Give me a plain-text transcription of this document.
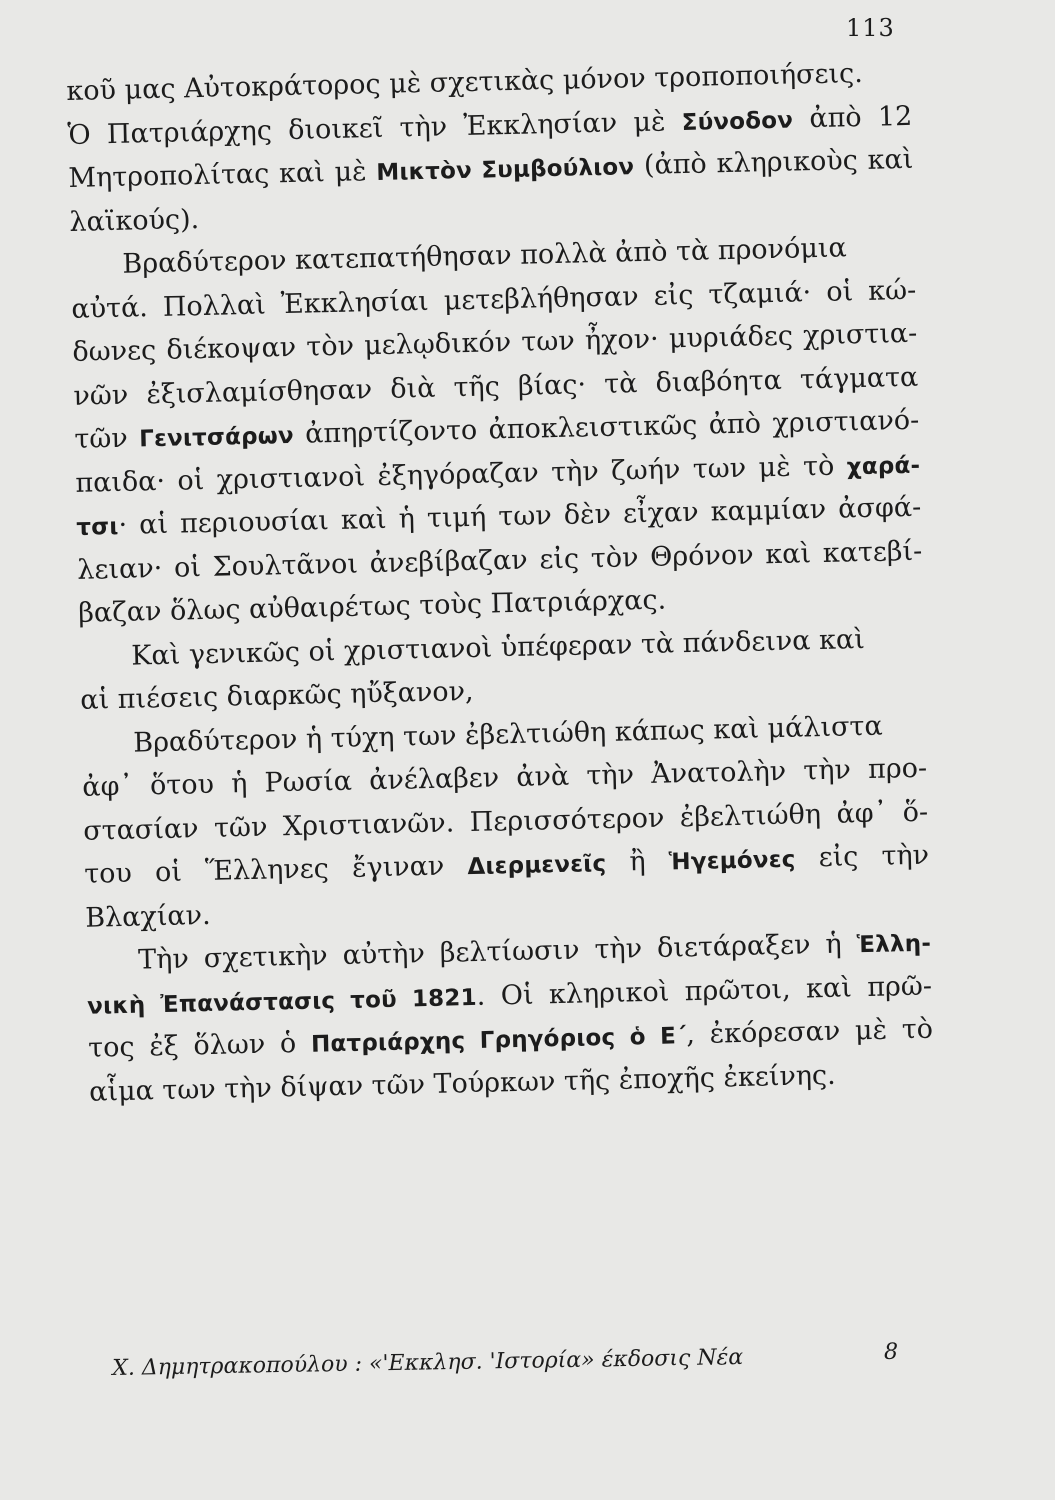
113
κοῦ μας Αὐτοκράτορος μὲ σχετικὰς μόνον τροποποιήσεις.
Ὁ Πατριάρχης διοικεῖ τὴν Ἐκκλησίαν μὲ Σύνοδον ἀπὸ 12
Μητροπολίτας καὶ μὲ Μικτὸν Συμβούλιον (ἀπὸ κληρικοὺς καὶ
λαϊκούς).
Βραδύτερον κατεπατήθησαν πολλὰ ἀπὸ τὰ προνόμια
αὐτά. Πολλαὶ Ἐκκλησίαι μετεβλήθησαν εἰς τζαμιά· οἱ κώ-
δωνες διέκοψαν τὸν μελῳδικόν των ἦχον· μυριάδες χριστια-
νῶν ἐξισλαμίσθησαν διὰ τῆς βίας· τὰ διαβόητα τάγματα
τῶν Γενιτσάρων ἀπηρτίζοντο ἀποκλειστικῶς ἀπὸ χριστιανό-
παιδα· οἱ χριστιανοὶ ἐξηγόραζαν τὴν ζωήν των μὲ τὸ χαρά-
τσι· αἱ περιουσίαι καὶ ἡ τιμή των δὲν εἶχαν καμμίαν ἀσφά-
λειαν· οἱ Σουλτᾶνοι ἀνεβίβαζαν εἰς τὸν Θρόνον καὶ κατεβί-
βαζαν ὅλως αὐθαιρέτως τοὺς Πατριάρχας.
Καὶ γενικῶς οἱ χριστιανοὶ ὑπέφεραν τὰ πάνδεινα καὶ
αἱ πιέσεις διαρκῶς ηὔξανον,
Βραδύτερον ἡ τύχη των ἐβελτιώθη κάπως καὶ μάλιστα
ἀφ᾽ ὅτου ἡ Ρωσία ἀνέλαβεν ἀνὰ τὴν Ἀνατολὴν τὴν προ-
στασίαν τῶν Χριστιανῶν. Περισσότερον ἐβελτιώθη ἀφ᾽ ὅ-
του οἱ Ἕλληνες ἔγιναν Διερμενεῖς ἢ Ἡγεμόνες εἰς τὴν
Βλαχίαν.
Τὴν σχετικὴν αὐτὴν βελτίωσιν τὴν διετάραξεν ἡ Ἑλλη-
νικὴ Ἐπανάστασις τοῦ 1821. Οἱ κληρικοὶ πρῶτοι, καὶ πρῶ-
τος ἐξ ὅλων ὁ Πατριάρχης Γρηγόριος ὁ Ε΄, ἐκόρεσαν μὲ τὸ
αἷμα των τὴν δίψαν τῶν Τούρκων τῆς ἐποχῆς ἐκείνης.
Χ. Δημητρακοπούλου : «'Εκκλησ. 'Ιστορία» έκδοσις Νέα	8
